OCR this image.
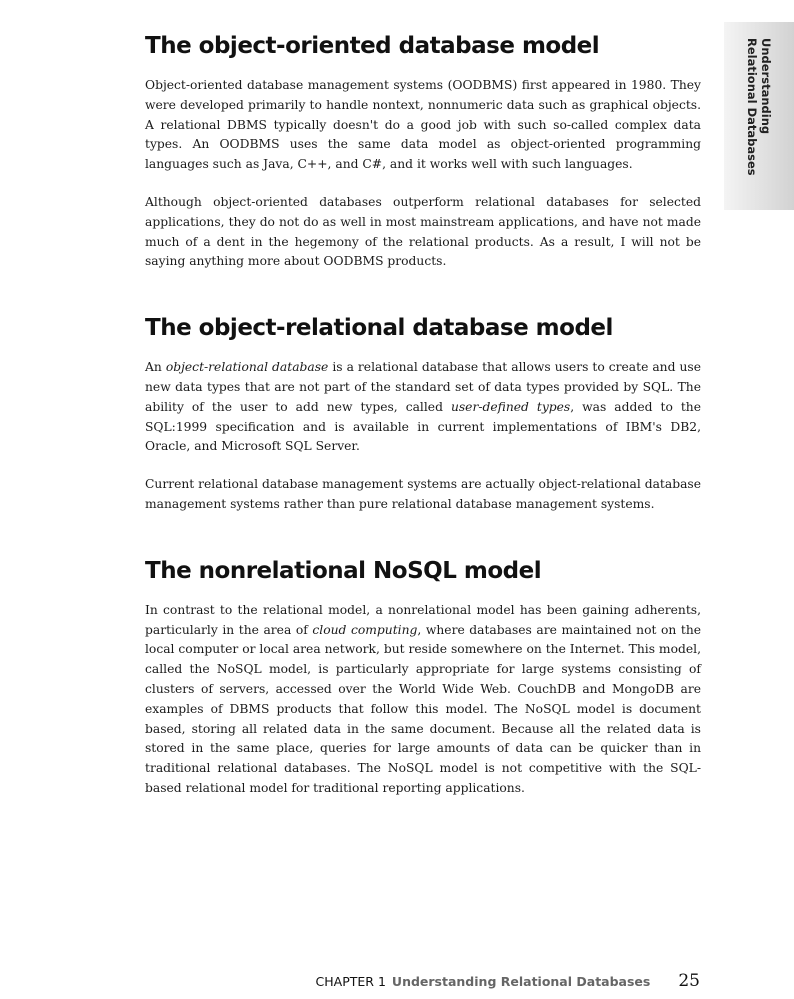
Understanding
Relational Databases
The object-oriented database model

Object-oriented database management systems (OODBMS) first appeared in 1980. They were developed primarily to handle nontext, nonnumeric data such as graphical objects. A relational DBMS typically doesn't do a good job with such so-called complex data types. An OODBMS uses the same data model as object-oriented programming languages such as Java, C++, and C#, and it works well with such languages.

Although object-oriented databases outperform relational databases for selected applications, they do not do as well in most mainstream applications, and have not made much of a dent in the hegemony of the relational products. As a result, I will not be saying anything more about OODBMS products.

The object-relational database model

An object-relational database is a relational database that allows users to create and use new data types that are not part of the standard set of data types provided by SQL. The ability of the user to add new types, called user-defined types, was added to the SQL:1999 specification and is available in current implementations of IBM's DB2, Oracle, and Microsoft SQL Server.

Current relational database management systems are actually object-relational database management systems rather than pure relational database management systems.

The nonrelational NoSQL model

In contrast to the relational model, a nonrelational model has been gaining adherents, particularly in the area of cloud computing, where databases are maintained not on the local computer or local area network, but reside somewhere on the Internet. This model, called the NoSQL model, is particularly appropriate for large systems consisting of clusters of servers, accessed over the World Wide Web. CouchDB and MongoDB are examples of DBMS products that follow this model. The NoSQL model is document based, storing all related data in the same document. Because all the related data is stored in the same place, queries for large amounts of data can be quicker than in traditional relational databases. The NoSQL model is not competitive with the SQL-based relational model for traditional reporting applications.

CHAPTER 1 Understanding Relational Databases 25
